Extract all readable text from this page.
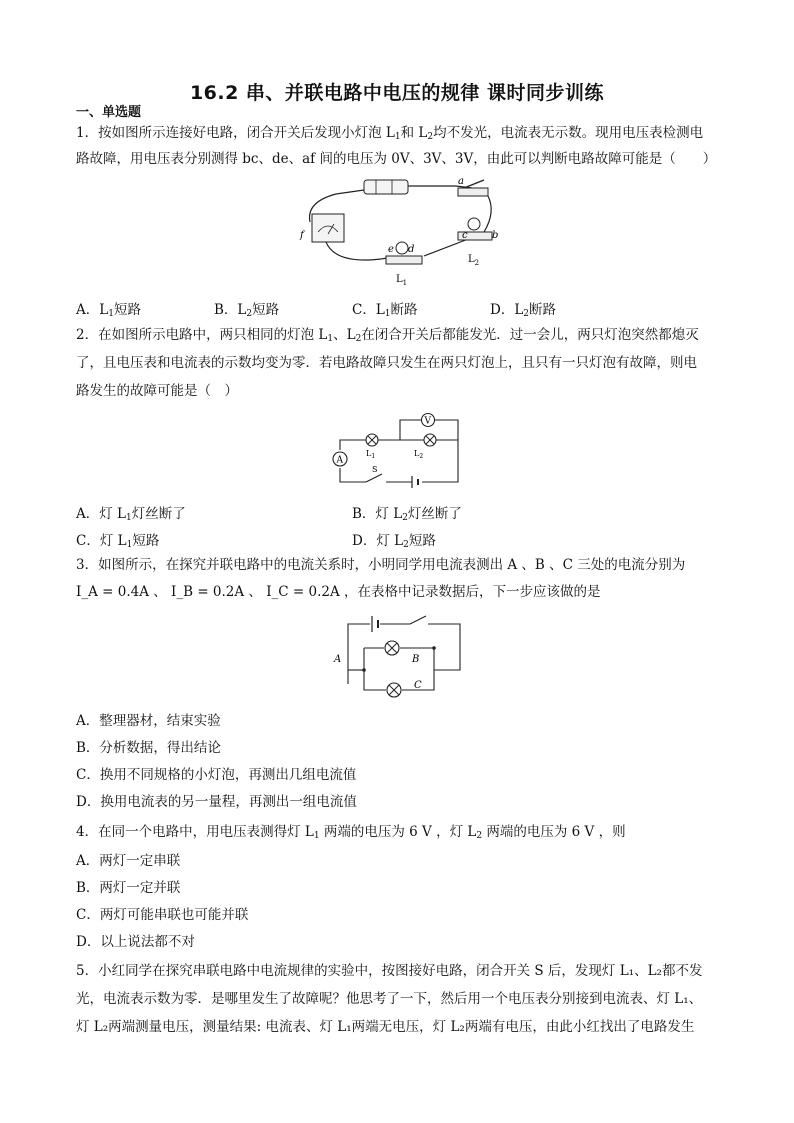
16.2 串、并联电路中电压的规律 课时同步训练
一、单选题
1．按如图所示连接好电路，闭合开关后发现小灯泡 $L_1$和 $L_2$均不发光，电流表无示数。现用电压表检测电
路故障，用电压表分别测得 bc、de、af 间的电压为 0V、3V、3V，由此可以判断电路故障可能是（　　）
a
b
c
d
e
f
$L_1$
$L_2$
A．$L_1$短路	B．$L_2$短路	C．$L_1$断路	D．$L_2$断路
2．在如图所示电路中，两只相同的灯泡 $L_1$、$L_2$在闭合开关后都能发光．过一会儿，两只灯泡突然都熄灭
了，且电压表和电流表的示数均变为零．若电路故障只发生在两只灯泡上，且只有一只灯泡有故障，则电
路发生的故障可能是（　）
V
A
S
$L_1$	$L_2$
A．灯 $L_1$灯丝断了	B．灯 $L_2$灯丝断了
C．灯 $L_1$短路	D．灯 $L_2$短路
3．如图所示，在探究并联电路中的电流关系时，小明同学用电流表测出 A 、B 、C 三处的电流分别为
I_A = 0.4A 、 I_B = 0.2A 、 I_C = 0.2A ，在表格中记录数据后，下一步应该做的是
A	B
C
A．整理器材，结束实验
B．分析数据，得出结论
C．换用不同规格的小灯泡，再测出几组电流值
D．换用电流表的另一量程，再测出一组电流值
4．在同一个电路中，用电压表测得灯 $L_1$ 两端的电压为 6 V ，灯 $L_2$ 两端的电压为 6 V ，则
A．两灯一定串联
B．两灯一定并联
C．两灯可能串联也可能并联
D．以上说法都不对
5．小红同学在探究串联电路中电流规律的实验中，按图接好电路，闭合开关 S 后，发现灯 L₁、L₂都不发
光，电流表示数为零．是哪里发生了故障呢？他思考了一下，然后用一个电压表分别接到电流表、灯 L₁、
灯 L₂两端测量电压，测量结果: 电流表、灯 L₁两端无电压，灯 L₂两端有电压，由此小红找出了电路发生
